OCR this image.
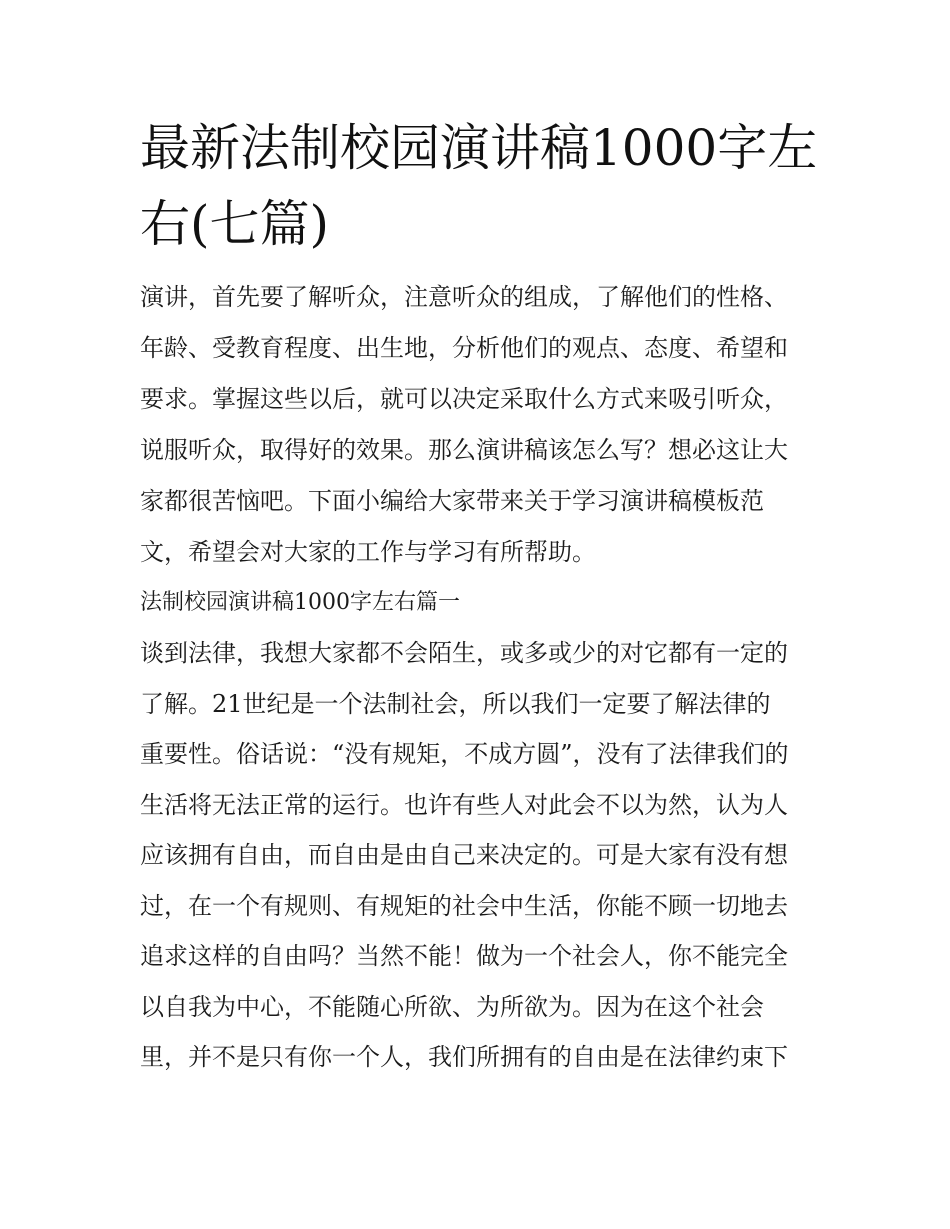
最新法制校园演讲稿1000字左
右(七篇)

演讲，首先要了解听众，注意听众的组成，了解他们的性格、
年龄、受教育程度、出生地，分析他们的观点、态度、希望和
要求。掌握这些以后，就可以决定采取什么方式来吸引听众，
说服听众，取得好的效果。那么演讲稿该怎么写？想必这让大
家都很苦恼吧。下面小编给大家带来关于学习演讲稿模板范
文，希望会对大家的工作与学习有所帮助。

法制校园演讲稿1000字左右篇一

谈到法律，我想大家都不会陌生，或多或少的对它都有一定的
了解。21世纪是一个法制社会，所以我们一定要了解法律的
重要性。俗话说：“没有规矩，不成方圆”，没有了法律我们的
生活将无法正常的运行。也许有些人对此会不以为然，认为人
应该拥有自由，而自由是由自己来决定的。可是大家有没有想
过，在一个有规则、有规矩的社会中生活，你能不顾一切地去
追求这样的自由吗？当然不能！做为一个社会人，你不能完全
以自我为中心，不能随心所欲、为所欲为。因为在这个社会
里，并不是只有你一个人，我们所拥有的自由是在法律约束下
